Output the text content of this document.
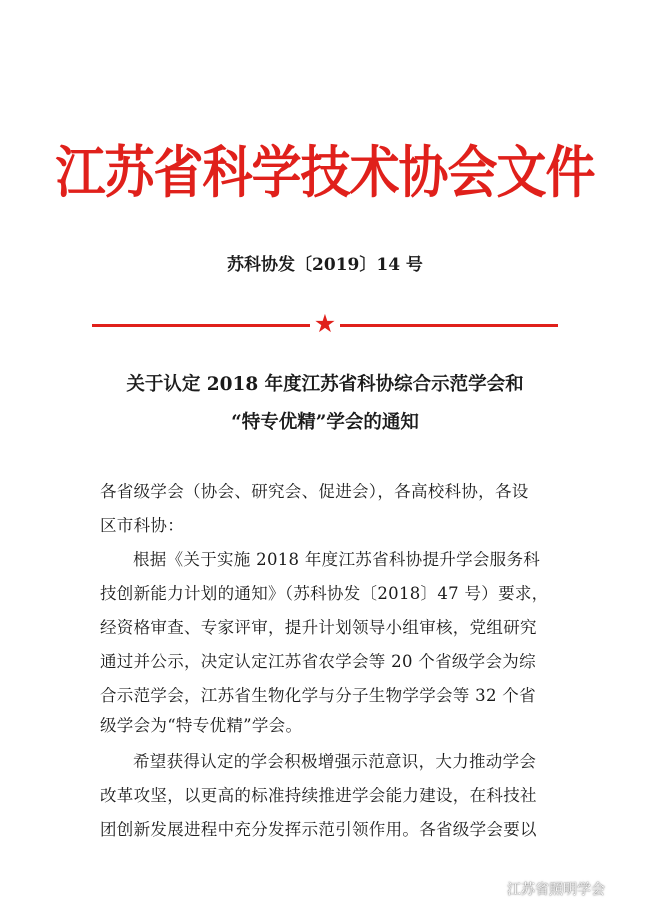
江苏省科学技术协会文件
苏科协发〔2019〕14 号
★
关于认定 2018 年度江苏省科协综合示范学会和
“特专优精”学会的通知
各省级学会（协会、研究会、促进会），各高校科协，各设
区市科协：
根据《关于实施 2018 年度江苏省科协提升学会服务科
技创新能力计划的通知》（苏科协发〔2018〕47 号）要求，
经资格审查、专家评审，提升计划领导小组审核，党组研究
通过并公示，决定认定江苏省农学会等 20 个省级学会为综
合示范学会，江苏省生物化学与分子生物学学会等 32 个省
级学会为“特专优精”学会。
希望获得认定的学会积极增强示范意识，大力推动学会
改革攻坚，以更高的标准持续推进学会能力建设，在科技社
团创新发展进程中充分发挥示范引领作用。各省级学会要以
江苏省照明学会
